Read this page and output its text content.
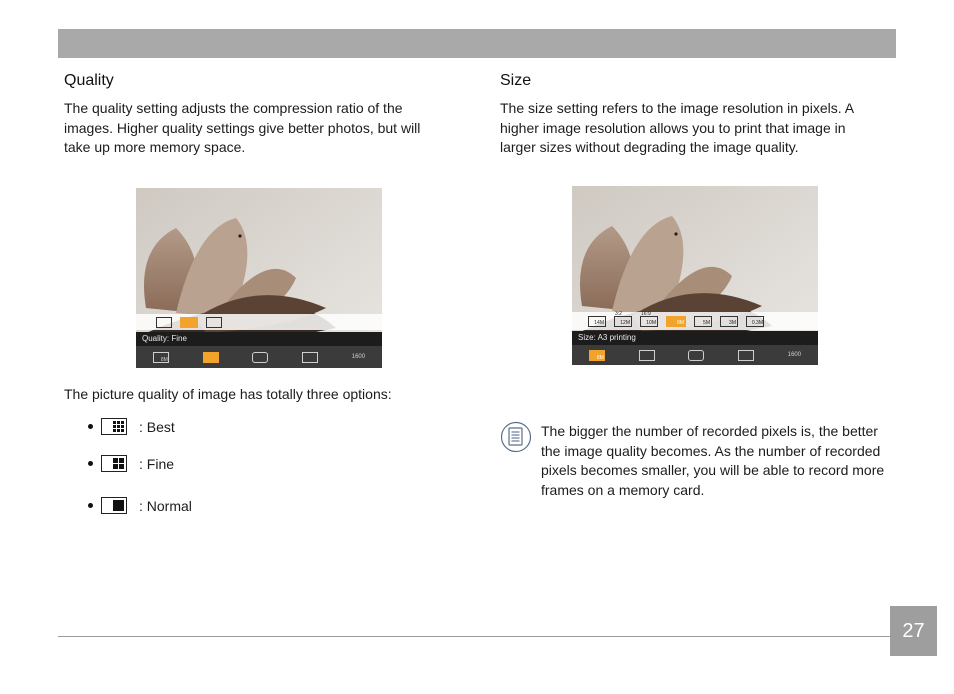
Quality
The quality setting adjusts the compression ratio of the images. Higher quality settings give better photos, but will take up more memory space.
Quality: Fine
8M	1600
The picture quality of image has totally three options:
: Best
: Fine
: Normal
Size
The size setting refers to the image resolution in pixels. A higher image resolution allows you to print that image in larger sizes without degrading the image quality.
14M	12M
3:2
10M
16:9
8M	5M	3M	0.3M
Size: A3 printing
8M	1600
The bigger the number of recorded pixels is, the better the image quality becomes. As the number of recorded pixels becomes smaller, you will be able to record more frames on a memory card.
27
